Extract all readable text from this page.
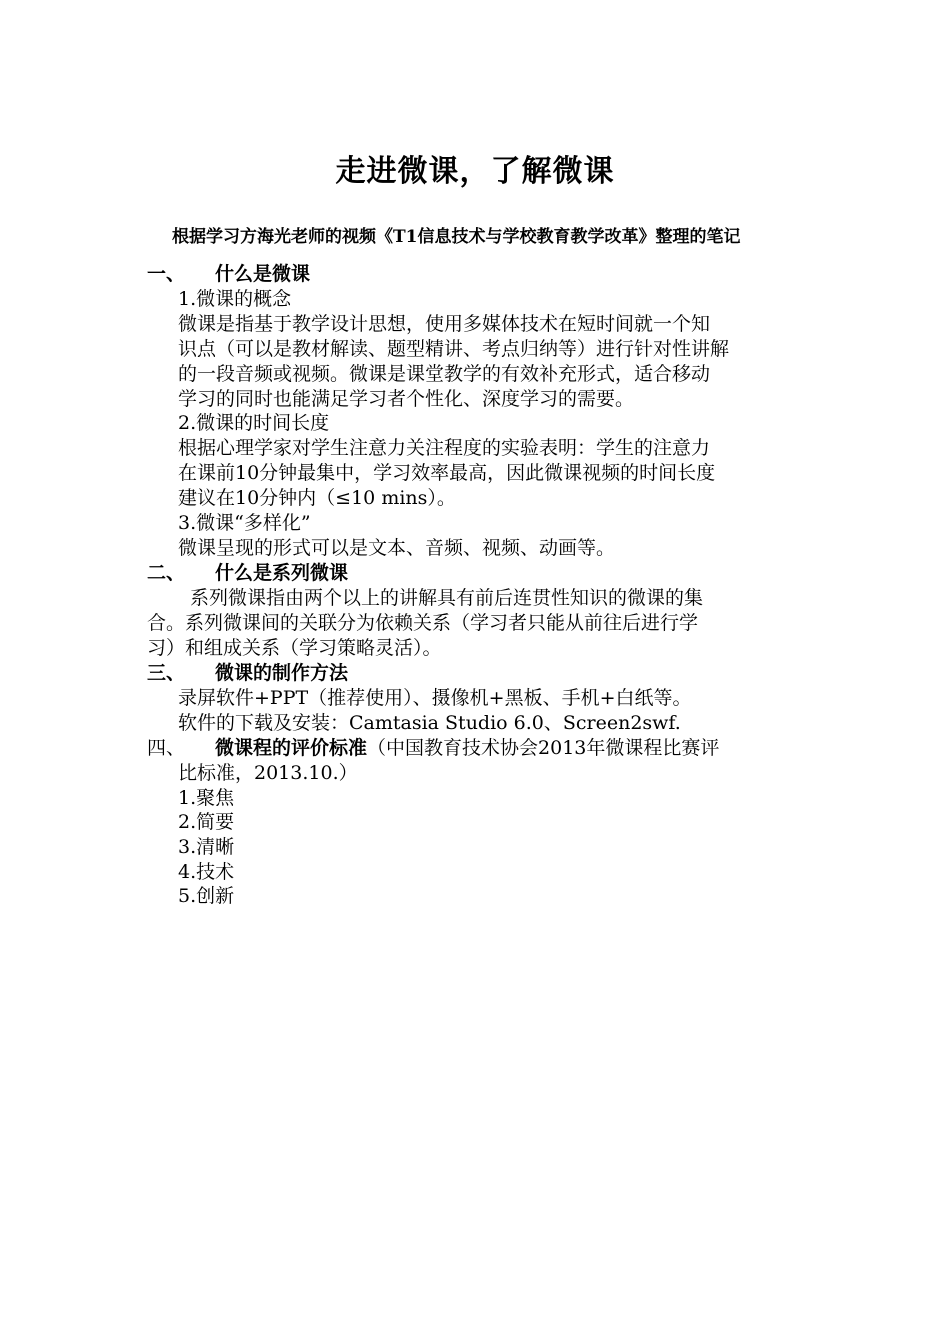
走进微课，了解微课
根据学习方海光老师的视频《T1信息技术与学校教育教学改革》整理的笔记
一、 什么是微课
1.微课的概念
微课是指基于教学设计思想，使用多媒体技术在短时间就一个知
识点（可以是教材解读、题型精讲、考点归纳等）进行针对性讲解
的一段音频或视频。微课是课堂教学的有效补充形式，适合移动
学习的同时也能满足学习者个性化、深度学习的需要。
2.微课的时间长度
根据心理学家对学生注意力关注程度的实验表明：学生的注意力
在课前10分钟最集中，学习效率最高，因此微课视频的时间长度
建议在10分钟内（≤10 mins）。
3.微课“多样化”
微课呈现的形式可以是文本、音频、视频、动画等。
二、 什么是系列微课
系列微课指由两个以上的讲解具有前后连贯性知识的微课的集
合。系列微课间的关联分为依赖关系（学习者只能从前往后进行学
习）和组成关系（学习策略灵活）。
三、 微课的制作方法
录屏软件+PPT（推荐使用）、摄像机+黑板、手机+白纸等。
软件的下载及安装：Camtasia Studio 6.0、Screen2swf.
四、 微课程的评价标准（中国教育技术协会2013年微课程比赛评
比标准，2013.10.）
1.聚焦
2.简要
3.清晰
4.技术
5.创新
